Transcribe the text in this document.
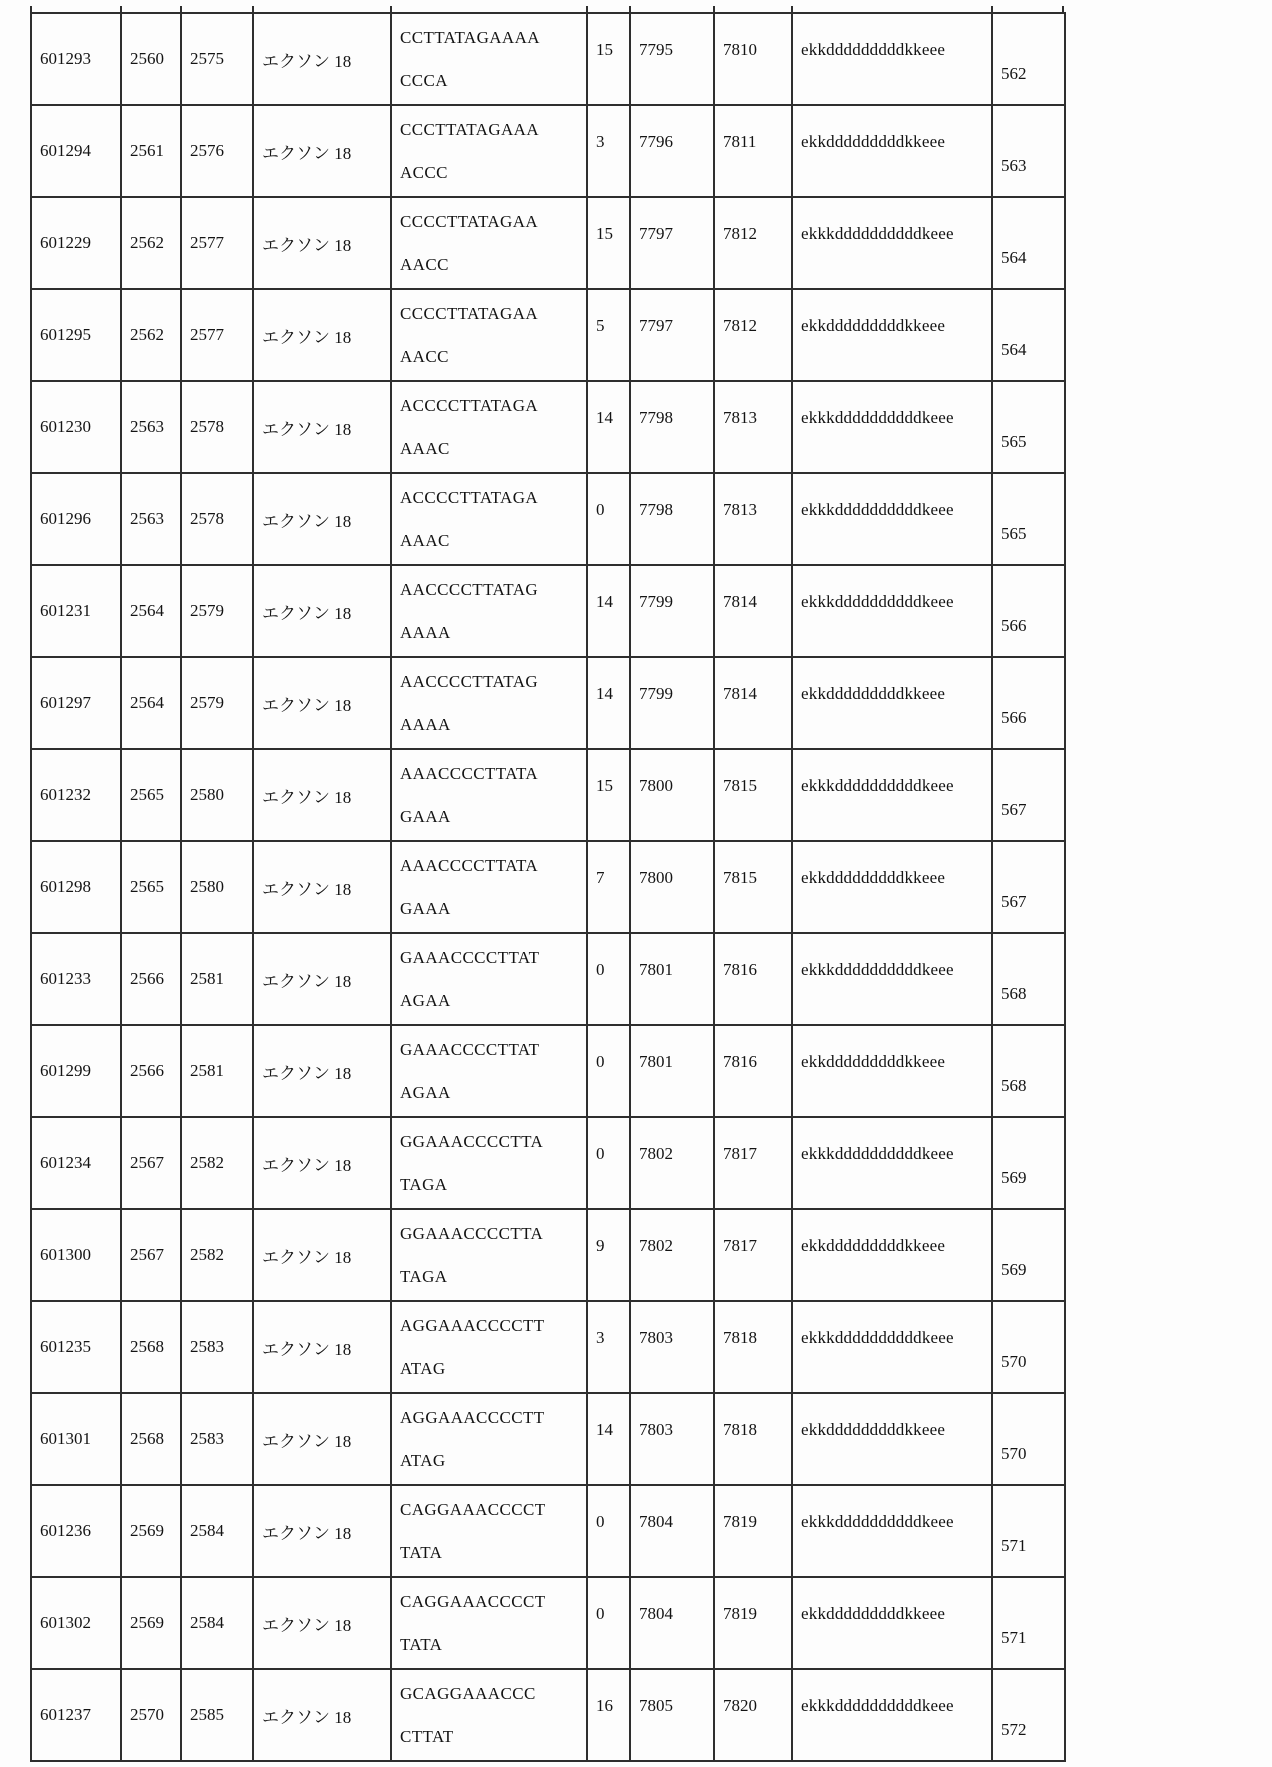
601293	2560	2575	エクソン 18	CCTTATAGAAAA
CCCA	15	7795	7810	ekkdddddddddkkeee	562
601294	2561	2576	エクソン 18	CCCTTATAGAAA
ACCC	3	7796	7811	ekkdddddddddkkeee	563
601229	2562	2577	エクソン 18	CCCCTTATAGAA
AACC	15	7797	7812	ekkkddddddddddkeee	564
601295	2562	2577	エクソン 18	CCCCTTATAGAA
AACC	5	7797	7812	ekkdddddddddkkeee	564
601230	2563	2578	エクソン 18	ACCCCTTATAGA
AAAC	14	7798	7813	ekkkddddddddddkeee	565
601296	2563	2578	エクソン 18	ACCCCTTATAGA
AAAC	0	7798	7813	ekkkddddddddddkeee	565
601231	2564	2579	エクソン 18	AACCCCTTATAG
AAAA	14	7799	7814	ekkkddddddddddkeee	566
601297	2564	2579	エクソン 18	AACCCCTTATAG
AAAA	14	7799	7814	ekkdddddddddkkeee	566
601232	2565	2580	エクソン 18	AAACCCCTTATA
GAAA	15	7800	7815	ekkkddddddddddkeee	567
601298	2565	2580	エクソン 18	AAACCCCTTATA
GAAA	7	7800	7815	ekkdddddddddkkeee	567
601233	2566	2581	エクソン 18	GAAACCCCTTAT
AGAA	0	7801	7816	ekkkddddddddddkeee	568
601299	2566	2581	エクソン 18	GAAACCCCTTAT
AGAA	0	7801	7816	ekkdddddddddkkeee	568
601234	2567	2582	エクソン 18	GGAAACCCCTTA
TAGA	0	7802	7817	ekkkddddddddddkeee	569
601300	2567	2582	エクソン 18	GGAAACCCCTTA
TAGA	9	7802	7817	ekkdddddddddkkeee	569
601235	2568	2583	エクソン 18	AGGAAACCCCTT
ATAG	3	7803	7818	ekkkddddddddddkeee	570
601301	2568	2583	エクソン 18	AGGAAACCCCTT
ATAG	14	7803	7818	ekkdddddddddkkeee	570
601236	2569	2584	エクソン 18	CAGGAAACCCCT
TATA	0	7804	7819	ekkkddddddddddkeee	571
601302	2569	2584	エクソン 18	CAGGAAACCCCT
TATA	0	7804	7819	ekkdddddddddkkeee	571
601237	2570	2585	エクソン 18	GCAGGAAACCC
CTTAT	16	7805	7820	ekkkddddddddddkeee	572
